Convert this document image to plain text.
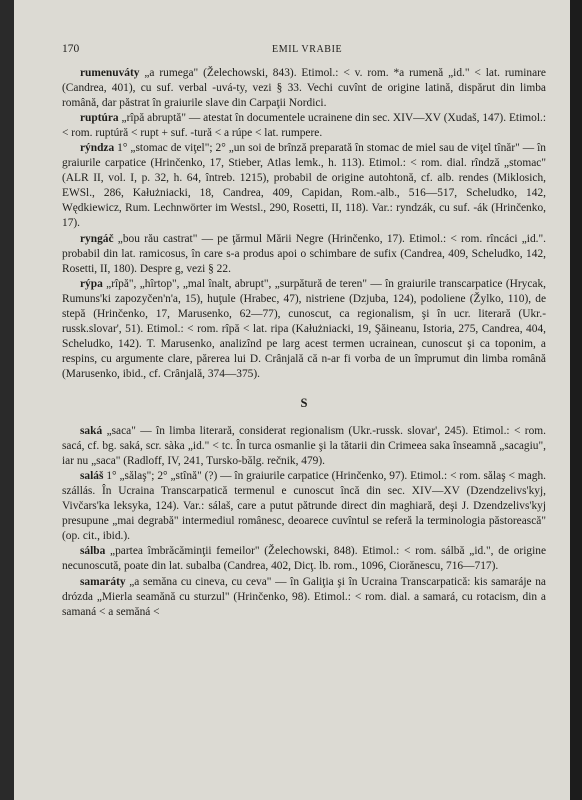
170	EMIL VRABIE

rumenuváty „a rumega" (Želechowski, 843). Etimol.: < v. rom. *a rumenă „id." < lat. ruminare (Candrea, 401), cu suf. verbal -uvá-ty, vezi § 33. Vechi cuvînt de origine latină, dispărut din limba română, dar păstrat în graiurile slave din Carpaţii Nordici.

ruptúra „rîpă abruptă" — atestat în documentele ucrainene din sec. XIV—XV (Xudaš, 147). Etimol.: < rom. ruptúră < rupt + suf. -tură < a rúpe < lat. rumpere.

rýndza 1° „stomac de viţel"; 2° „un soi de brînză preparată în stomac de miel sau de viţel tînăr" — în graiurile carpatice (Hrinčenko, 17, Stieber, Atlas lemk., h. 113). Etimol.: < rom. dial. rîndză „stomac" (ALR II, vol. I, p. 32, h. 64, întreb. 1215), probabil de origine autohtonă, cf. alb. rendes (Miklosich, EWSl., 286, Kałużniacki, 18, Candrea, 409, Capidan, Rom.-alb., 516—517, Scheludko, 142, Wędkiewicz, Rum. Lechnwörter im Westsl., 290, Rosetti, II, 118). Var.: ryndzák, cu suf. -ák (Hrinčenko, 17).

ryngáč „bou rău castrat" — pe ţărmul Mării Negre (Hrinčenko, 17). Etimol.: < rom. rîncáci „id.". probabil din lat. ramicosus, în care s-a produs apoi o schimbare de sufix (Candrea, 409, Scheludko, 142, Rosetti, II, 180). Despre g, vezi § 22.

rýpa „rîpă", „hîrtop", „mal înalt, abrupt", „surpătură de teren" — în graiurile transcarpatice (Hrycak, Rumuns'ki zapozyčen'n'a, 15), huţule (Hrabec, 47), nistriene (Dzjuba, 124), podoliene (Žylko, 110), de stepă (Hrinčenko, 17, Marusenko, 62—77), cunoscut, ca regionalism, şi în ucr. literară (Ukr.-russk.slovar', 51). Etimol.: < rom. rîpă < lat. ripa (Kałużniacki, 19, Şăineanu, Istoria, 275, Candrea, 404, Scheludko, 142). T. Marusenko, analizînd pe larg acest termen ucrainean, cunoscut şi ca toponim, a respins, cu argumente clare, părerea lui D. Crânjală că n-ar fi vorba de un împrumut din limba română (Marusenko, ibid., cf. Crânjală, 374—375).

S

saká „saca" — în limba literară, considerat regionalism (Ukr.-russk. slovar', 245). Etimol.: < rom. sacá, cf. bg. saká, scr. sàka „id." < tc. În turca osmanlie şi la tătarii din Crimeea saka înseamnă „sacagiu", iar nu „saca" (Radloff, IV, 241, Tursko-bălg. rečnik, 479).

saláš 1° „sălaş"; 2° „stînă" (?) — în graiurile carpatice (Hrinčenko, 97). Etimol.: < rom. sălaş < magh. szállás. În Ucraina Transcarpatică termenul e cunoscut încă din sec. XIV—XV (Dzendzelivs'kyj, Vivčars'ka leksyka, 124). Var.: sálaš, care a putut pătrunde direct din maghiară, deşi J. Dzendzelivs'kyj presupune „mai degrabă" intermediul românesc, deoarece cuvîntul se referă la terminologia păstorească" (op. cit., ibid.).

sálba „partea îmbrăcăminţii femeilor" (Želechowski, 848). Etimol.: < rom. sálbă „id.", de origine necunoscută, poate din lat. subalba (Candrea, 402, Dicţ. lb. rom., 1096, Ciorănescu, 716—717).

samaráty „a semăna cu cineva, cu ceva" — în Galiţia şi în Ucraina Transcarpatică: kis samaráje na drózda „Mierla seamănă cu sturzul" (Hrinčenko, 98). Etimol.: < rom. dial. a samará, cu rotacism, din a samaná < a semăná <
